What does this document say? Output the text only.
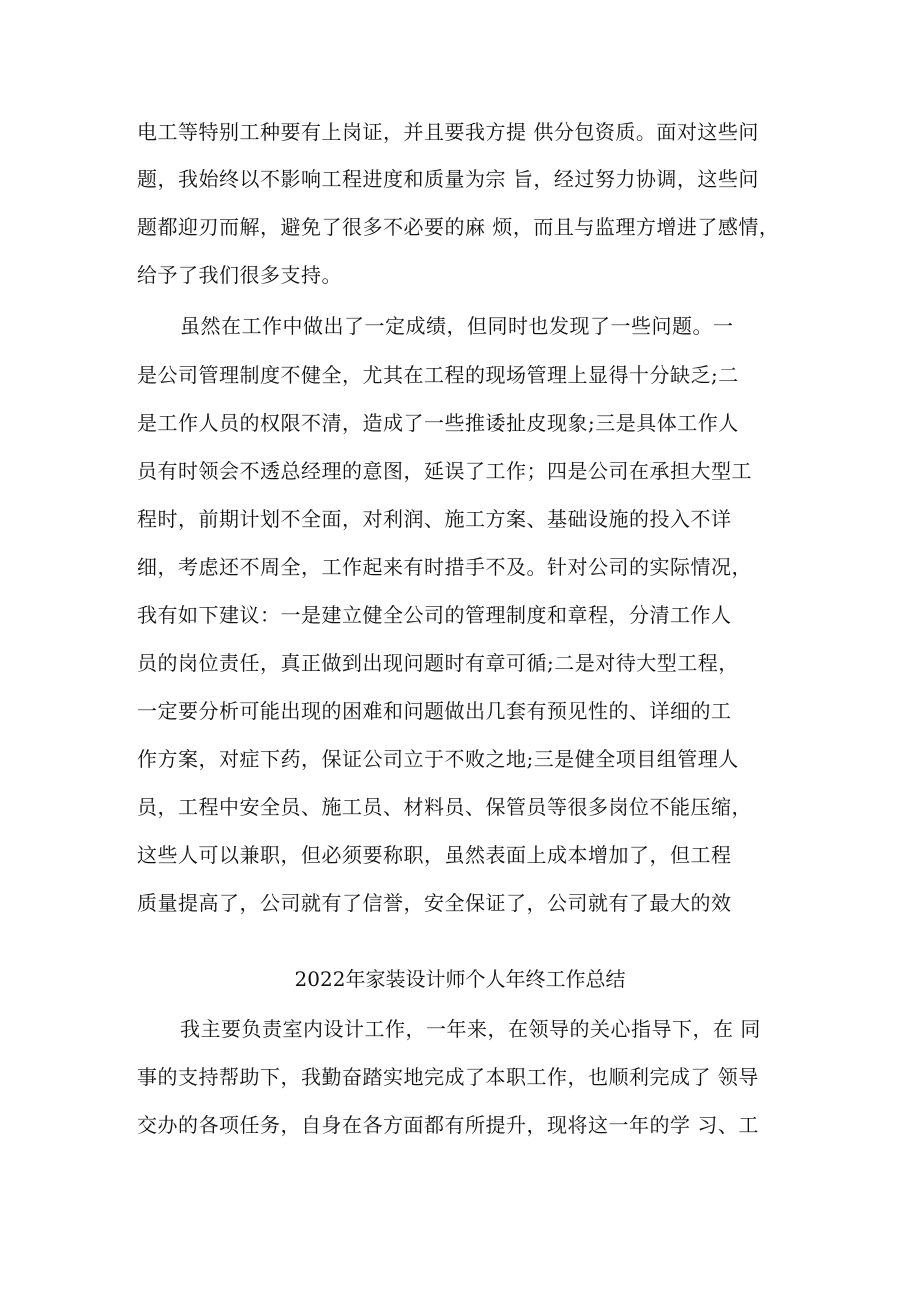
电工等特别工种要有上岗证，并且要我方提 供分包资质。面对这些问
题，我始终以不影响工程进度和质量为宗 旨，经过努力协调，这些问
题都迎刃而解，避免了很多不必要的麻 烦，而且与监理方增进了感情，
给予了我们很多支持。
虽然在工作中做出了一定成绩，但同时也发现了一些问题。一
是公司管理制度不健全，尤其在工程的现场管理上显得十分缺乏;二
是工作人员的权限不清，造成了一些推诿扯皮现象;三是具体工作人
员有时领会不透总经理的意图，延误了工作；四是公司在承担大型工
程时，前期计划不全面，对利润、施工方案、基础设施的投入不详
细，考虑还不周全，工作起来有时措手不及。针对公司的实际情况，
我有如下建议：一是建立健全公司的管理制度和章程，分清工作人
员的岗位责任，真正做到出现问题时有章可循;二是对待大型工程，
一定要分析可能出现的困难和问题做出几套有预见性的、详细的工
作方案，对症下药，保证公司立于不败之地;三是健全项目组管理人
员，工程中安全员、施工员、材料员、保管员等很多岗位不能压缩，
这些人可以兼职，但必须要称职，虽然表面上成本增加了，但工程
质量提高了，公司就有了信誉，安全保证了，公司就有了最大的效
2022年家装设计师个人年终工作总结
我主要负责室内设计工作，一年来，在领导的关心指导下，在 同
事的支持帮助下，我勤奋踏实地完成了本职工作，也顺利完成了 领导
交办的各项任务，自身在各方面都有所提升，现将这一年的学 习、工
